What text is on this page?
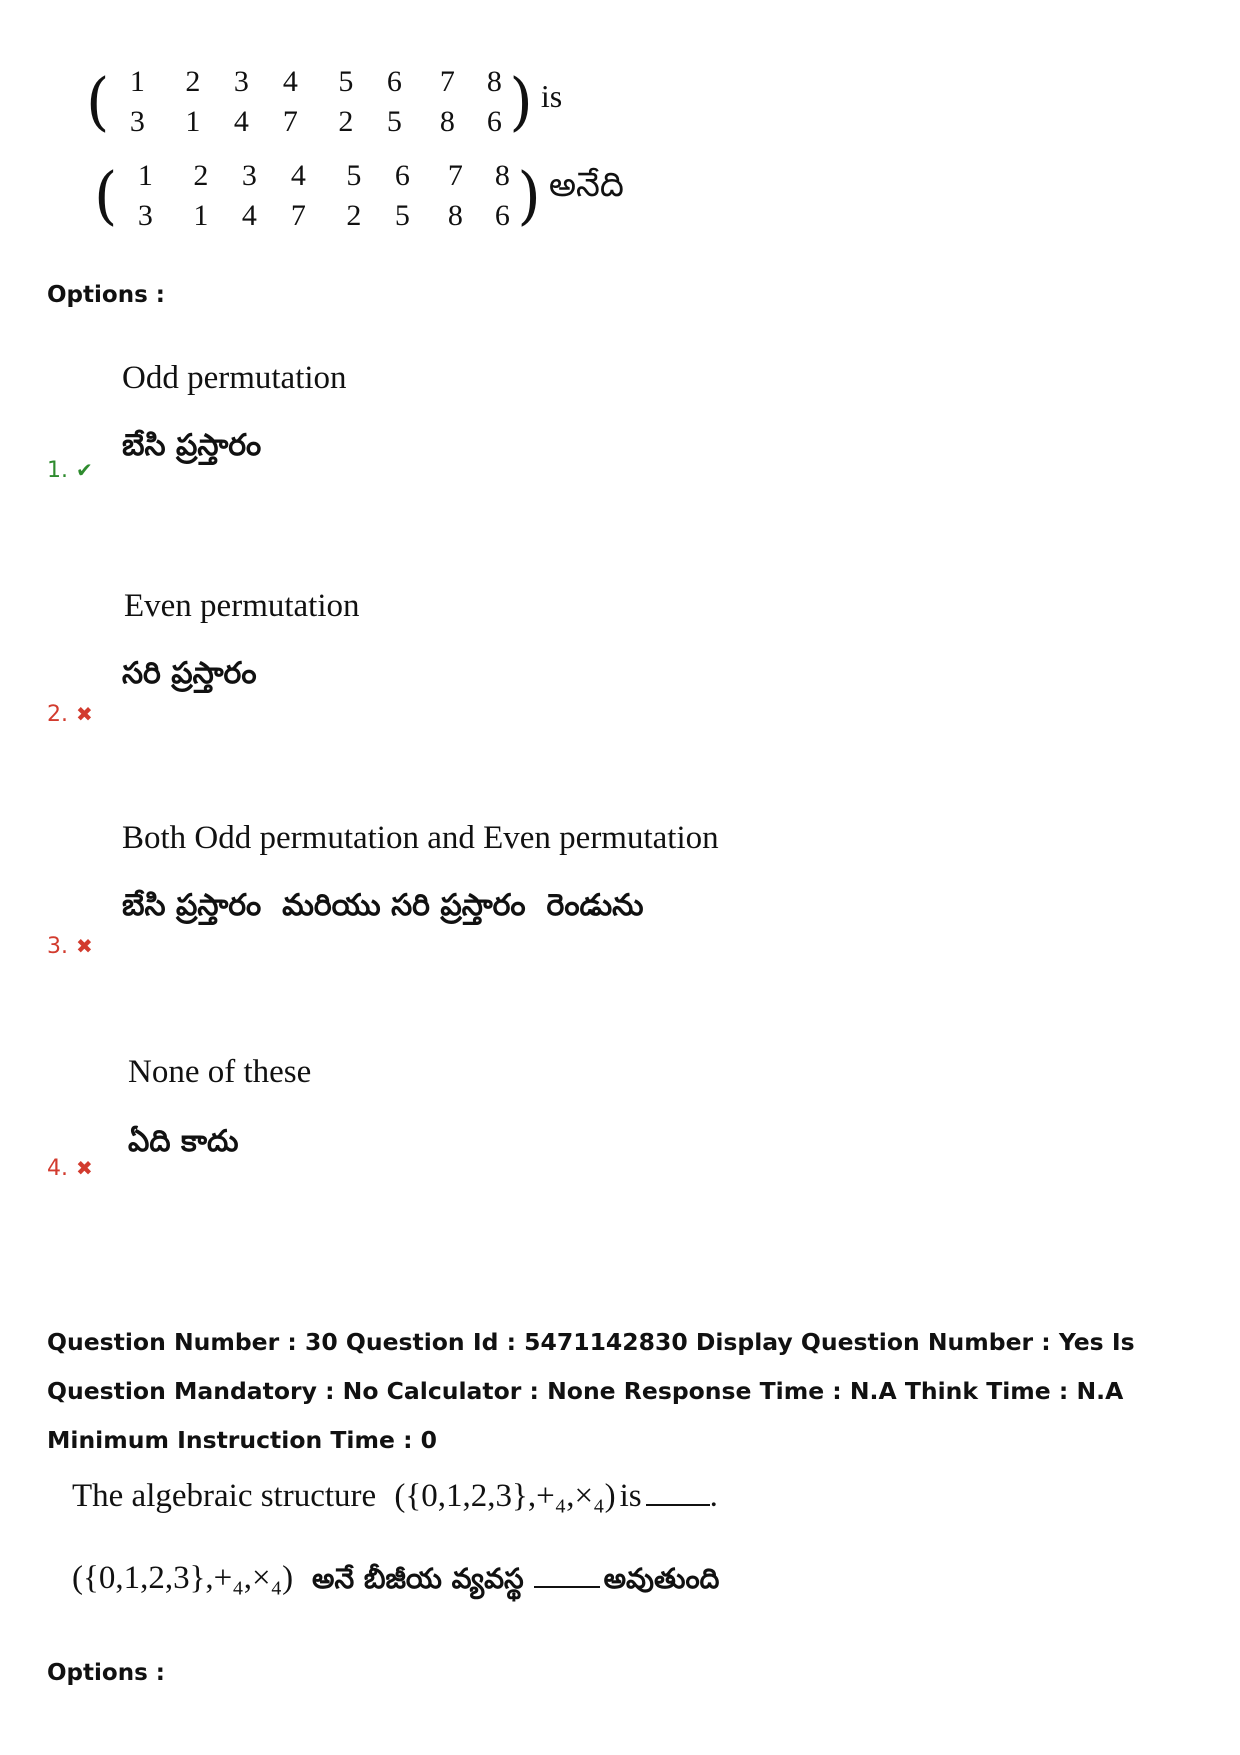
( 1
3
2
1
3
4
4
7
5
2
6
5
7
8
8
6 ) is
( 1
3
2
1
3
4
4
7
5
2
6
5
7
8
8
6 ) అనేది
Options :
Odd permutation
బేసి ప్రస్తారం
1. ✔
Even permutation
సరి ప్రస్తారం
2. ✖
Both Odd permutation and Even permutation
బేసి ప్రస్తారం  మరియు సరి ప్రస్తారం  రెండును
3. ✖
None of these
ఏది కాదు
4. ✖
Question Number : 30 Question Id : 5471142830 Display Question Number : Yes Is Question Mandatory : No Calculator : None Response Time : N.A Think Time : N.A Minimum Instruction Time : 0
The algebraic structure ({0,1,2,3},+₄,×₄) is .
({0,1,2,3},+₄,×₄) అనే బీజీయ వ్యవస్థ	అవుతుంది
Options :
